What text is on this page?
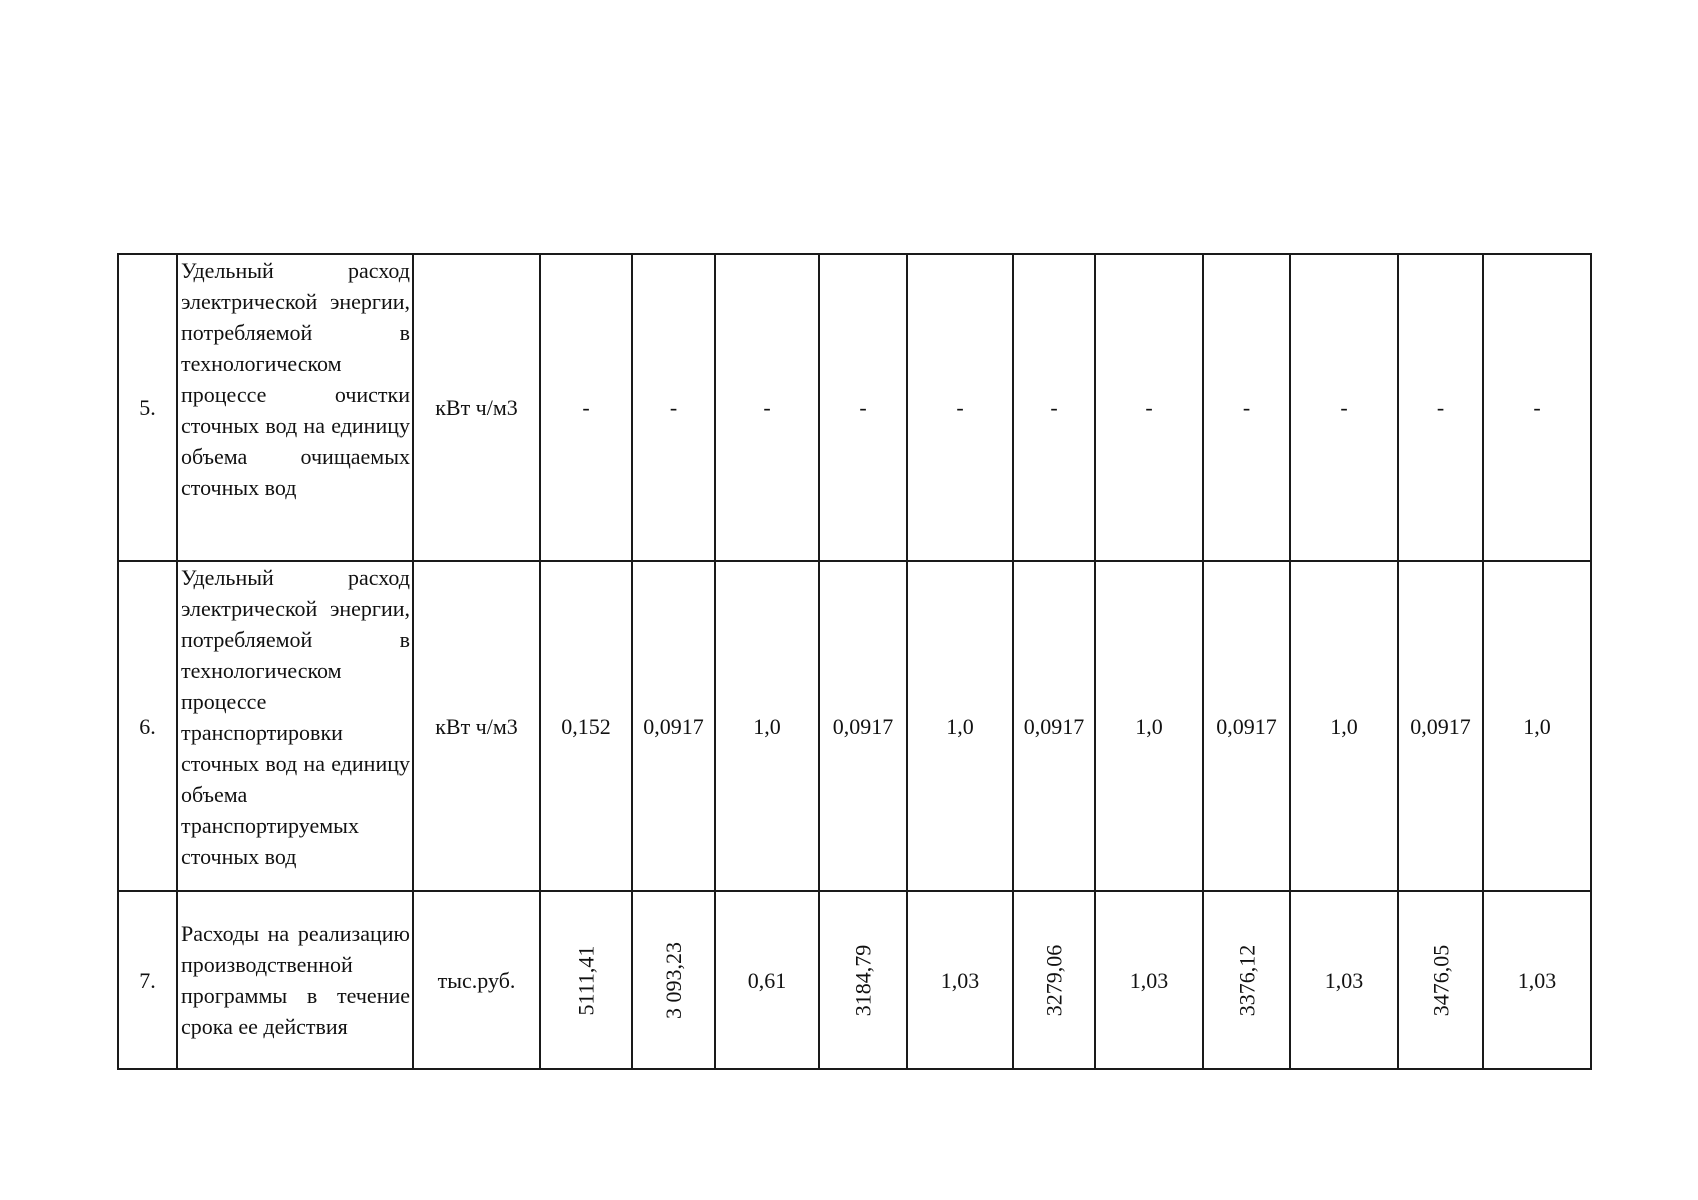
5.	Удельный расход электрической энергии, потребляемой в технологическом процессе очистки сточных вод на единицу объема очищаемых сточных вод	кВт ч/м3	-	-	-	-	-	-	-	-	-	-	-
6.	Удельный расход электрической энергии, потребляемой в технологическом процессе транспортировки сточных вод на единицу объема транспортируемых сточных вод	кВт ч/м3	0,152	0,0917	1,0	0,0917	1,0	0,0917	1,0	0,0917	1,0	0,0917	1,0
7.	Расходы на реализацию производственной программы в течение срока ее действия	тыс.руб.	5111,41	3 093,23	0,61	3184,79	1,03	3279,06	1,03	3376,12	1,03	3476,05	1,03
